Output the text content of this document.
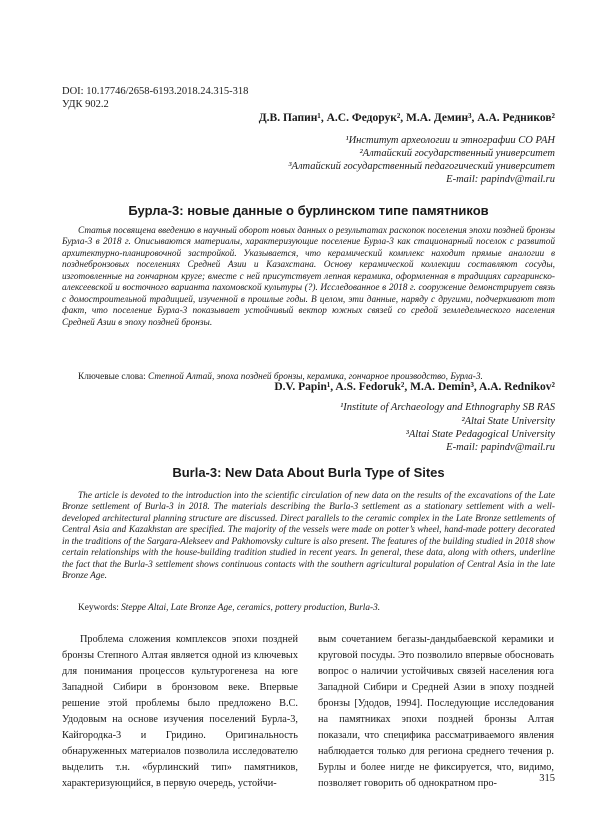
DOI: 10.17746/2658-6193.2018.24.315-318
УДК 902.2
Д.В. Папин¹, А.С. Федорук², М.А. Демин³, А.А. Редников²
¹Институт археологии и этнографии СО РАН
²Алтайский государственный университет
³Алтайский государственный педагогический университет
E-mail: papindv@mail.ru
Бурла-3: новые данные о бурлинском типе памятников

Статья посвящена введению в научный оборот новых данных о результатах раскопок поселения эпохи поздней бронзы Бурла-3 в 2018 г. Описываются материалы, характеризующие поселение Бурла-3 как стационарный поселок с развитой архитектурно-планировочной застройкой. Указывается, что керамический комплекс находит прямые аналогии в позднебронзовых поселениях Средней Азии и Казахстана. Основу керамической коллекции составляют сосуды, изготовленные на гончарном круге; вместе с ней присутствует лепная керамика, оформленная в традициях саргаринско-алексеевской и восточного варианта пахомовской культуры (?). Исследованное в 2018 г. сооружение демонстрирует связь с домостроительной традицией, изученной в прошлые годы. В целом, эти данные, наряду с другими, подчеркивают тот факт, что поселение Бурла-3 показывает устойчивый вектор южных связей со средой земледельческого населения Средней Азии в эпоху поздней бронзы.

Ключевые слова: Степной Алтай, эпоха поздней бронзы, керамика, гончарное производство, Бурла-3.

D.V. Papin¹, A.S. Fedoruk², M.A. Demin³, A.A. Rednikov²
¹Institute of Archaeology and Ethnography SB RAS
²Altai State University
³Altai State Pedagogical University
E-mail: papindv@mail.ru
Burla-3: New Data About Burla Type of Sites

The article is devoted to the introduction into the scientific circulation of new data on the results of the excavations of the Late Bronze settlement of Burla-3 in 2018. The materials describing the Burla-3 settlement as a stationary settlement with a well-developed architectural planning structure are discussed. Direct parallels to the ceramic complex in the Late Bronze settlements of Central Asia and Kazakhstan are specified. The majority of the vessels were made on potter’s wheel, hand-made pottery decorated in the traditions of the Sargara-Alekseev and Pakhomovsky culture is also present. The features of the building studied in 2018 show certain relationships with the house-building tradition studied in recent years. In general, these data, along with others, underline the fact that the Burla-3 settlement shows continuous contacts with the southern agricultural population of Central Asia in the late Bronze Age.

Keywords: Steppe Altai, Late Bronze Age, ceramics, pottery production, Burla-3.

Проблема сложения комплексов эпохи поздней бронзы Степного Алтая является одной из ключевых для понимания процессов культурогенеза на юге Западной Сибири в бронзовом веке. Впервые решение этой проблемы было предложено В.С. Удодовым на основе изучения поселений Бурла-3, Кайгородка-3 и Гридино. Оригинальность обнаруженных материалов позволила исследователю выделить т.н. «бурлинский тип» памятников, характеризующийся, в первую очередь, устойчи-

вым сочетанием бегазы-дандыбаевской керамики и круговой посуды. Это позволило впервые обосновать вопрос о наличии устойчивых связей населения юга Западной Сибири и Средней Азии в эпоху поздней бронзы [Удодов, 1994]. Последующие исследования на памятниках эпохи поздней бронзы Алтая показали, что специфика рассматриваемого явления наблюдается только для региона среднего течения р. Бурлы и более нигде не фиксируется, что, видимо, позволяет говорить об однократном про-	315
